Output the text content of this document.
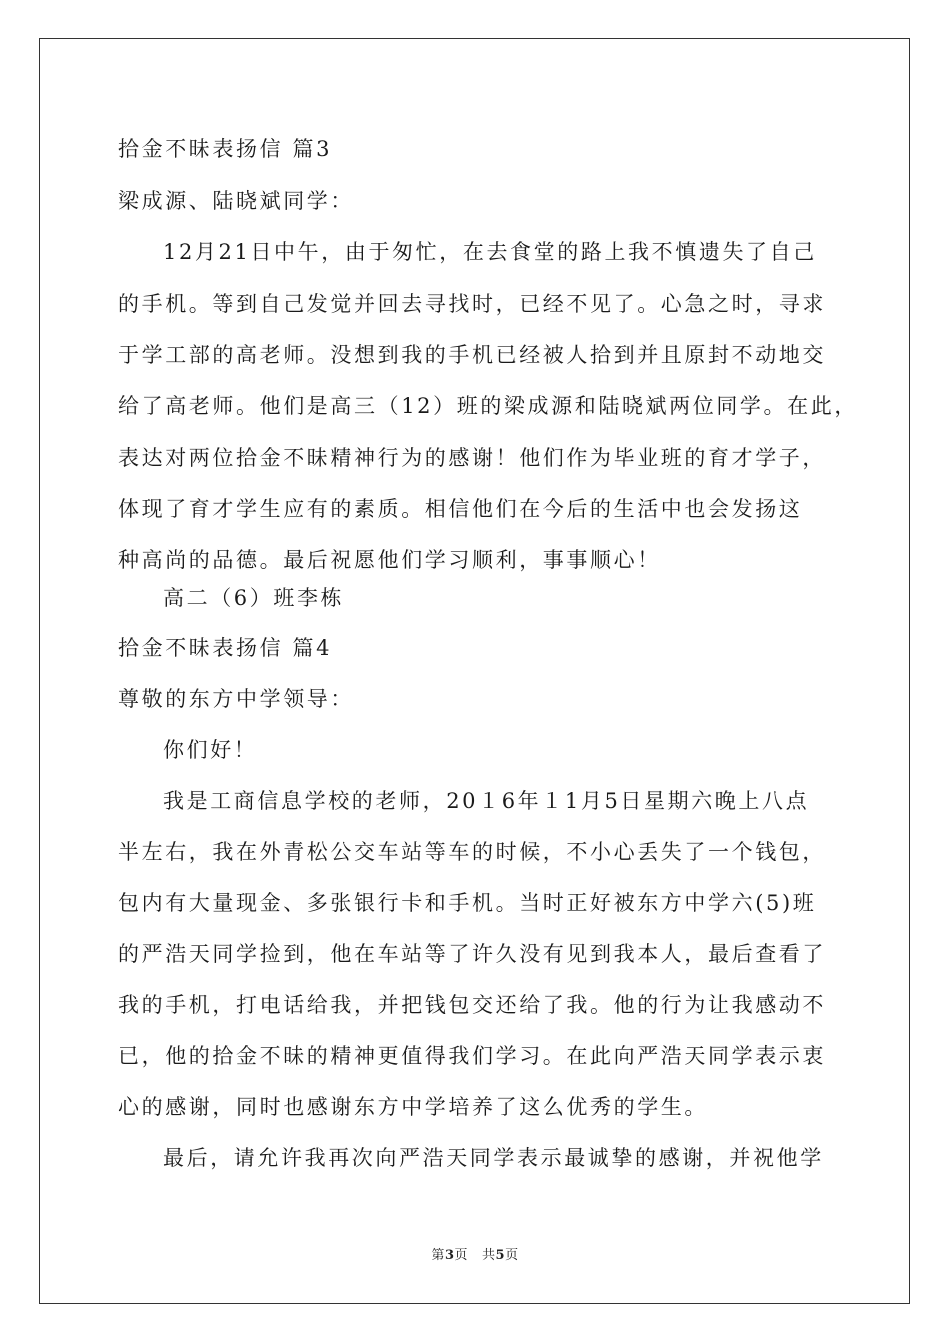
拾金不昧表扬信 篇3
梁成源、陆晓斌同学：
12月21日中午，由于匆忙，在去食堂的路上我不慎遗失了自己
的手机。等到自己发觉并回去寻找时，已经不见了。心急之时，寻求
于学工部的高老师。没想到我的手机已经被人拾到并且原封不动地交
给了高老师。他们是高三（12）班的梁成源和陆晓斌两位同学。在此，
表达对两位拾金不昧精神行为的感谢！他们作为毕业班的育才学子，
体现了育才学生应有的素质。相信他们在今后的生活中也会发扬这
种高尚的品德。最后祝愿他们学习顺利，事事顺心！
高二（6）班李栋
拾金不昧表扬信 篇4
尊敬的东方中学领导：
你们好！
我是工商信息学校的老师，20１6年１1月5日星期六晚上八点
半左右，我在外青松公交车站等车的时候，不小心丢失了一个钱包，
包内有大量现金、多张银行卡和手机。当时正好被东方中学六(5)班
的严浩天同学捡到，他在车站等了许久没有见到我本人，最后查看了
我的手机，打电话给我，并把钱包交还给了我。他的行为让我感动不
已，他的拾金不昧的精神更值得我们学习。在此向严浩天同学表示衷
心的感谢，同时也感谢东方中学培养了这么优秀的学生。
最后，请允许我再次向严浩天同学表示最诚挚的感谢，并祝他学
第3页 共5页
